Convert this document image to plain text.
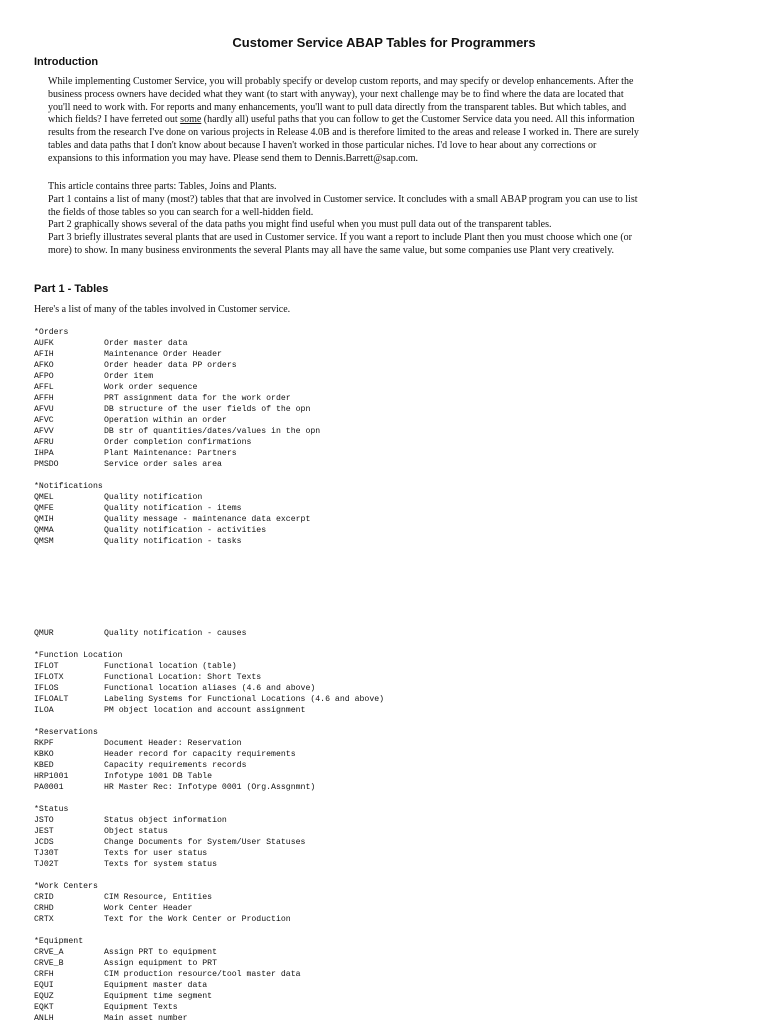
Customer Service ABAP Tables for Programmers
Introduction
While implementing Customer Service, you will probably specify or develop custom reports, and may specify or develop enhancements. After the
business process owners have decided what they want (to start with anyway), your next challenge may be to find where the data are located that
you'll need to work with. For reports and many enhancements, you'll want to pull data directly from the transparent tables. But which tables, and
which fields? I have ferreted out some (hardly all) useful paths that you can follow to get the Customer Service data you need. All this information
results from the research I've done on various projects in Release 4.0B and is therefore limited to the areas and release I worked in. There are surely
tables and data paths that I don't know about because I haven't worked in those particular niches. I'd love to hear about any corrections or
expansions to this information you may have. Please send them to Dennis.Barrett@sap.com.
This article contains three parts: Tables, Joins and Plants.
Part 1 contains a list of many (most?) tables that that are involved in Customer service. It concludes with a small ABAP program you can use to list
the fields of those tables so you can search for a well-hidden field.
Part 2 graphically shows several of the data paths you might find useful when you must pull data out of the transparent tables.
Part 3 briefly illustrates several plants that are used in Customer service. If you want a report to include Plant then you must choose which one (or
more) to show. In many business environments the several Plants may all have the same value, but some companies use Plant very creatively.
Part 1 - Tables
Here's a list of many of the tables involved in Customer service.
*Orders
AUFK	Order master data
AFIH	Maintenance Order Header
AFKO	Order header data PP orders
AFPO	Order item
AFFL	Work order sequence
AFFH	PRT assignment data for the work order
AFVU	DB structure of the user fields of the opn
AFVC	Operation within an order
AFVV	DB str of quantities/dates/values in the opn
AFRU	Order completion confirmations
IHPA	Plant Maintenance: Partners
PMSDO	Service order sales area
*Notifications
QMEL	Quality notification
QMFE	Quality notification - items
QMIH	Quality message - maintenance data excerpt
QMMA	Quality notification - activities
QMSM	Quality notification - tasks
QMUR	Quality notification - causes
*Function Location
IFLOT	Functional location (table)
IFLOTX	Functional Location: Short Texts
IFLOS	Functional location aliases (4.6 and above)
IFLOALT	Labeling Systems for Functional Locations (4.6 and above)
ILOA	PM object location and account assignment
*Reservations
RKPF	Document Header: Reservation
KBKO	Header record for capacity requirements
KBED	Capacity requirements records
HRP1001	Infotype 1001 DB Table
PA0001	HR Master Rec: Infotype 0001 (Org.Assgnmnt)
*Status
JSTO	Status object information
JEST	Object status
JCDS	Change Documents for System/User Statuses
TJ30T	Texts for user status
TJ02T	Texts for system status
*Work Centers
CRID	CIM Resource, Entities
CRHD	Work Center Header
CRTX	Text for the Work Center or Production
*Equipment
CRVE_A	Assign PRT to equipment
CRVE_B	Assign equipment to PRT
CRFH	CIM production resource/tool master data
EQUI	Equipment master data
EQUZ	Equipment time segment
EQKT	Equipment Texts
ANLH	Main asset number
